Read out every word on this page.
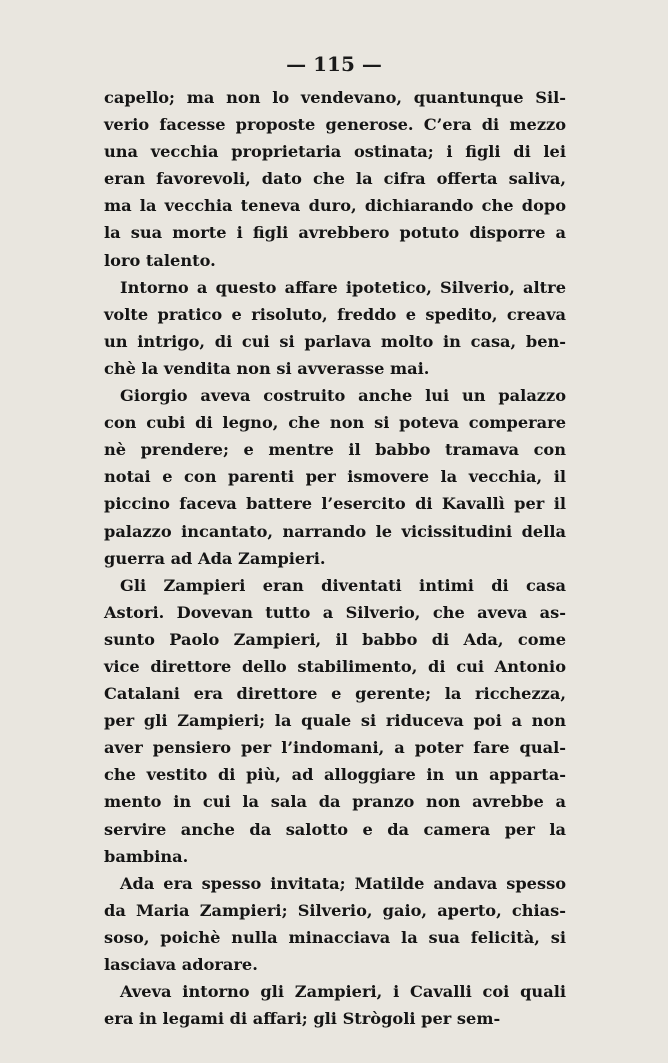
— 115 —
capello; ma non lo vendevano, quantunque Sil-
verio facesse proposte generose. C’era di mezzo
una vecchia proprietaria ostinata; i figli di lei
eran favorevoli, dato che la cifra offerta saliva,
ma la vecchia teneva duro, dichiarando che dopo
la sua morte i figli avrebbero potuto disporre a
loro talento.
Intorno a questo affare ipotetico, Silverio, altre
volte pratico e risoluto, freddo e spedito, creava
un intrigo, di cui si parlava molto in casa, ben-
chè la vendita non si avverasse mai.
Giorgio aveva costruito anche lui un palazzo
con cubi di legno, che non si poteva comperare
nè prendere; e mentre il babbo tramava con
notai e con parenti per ismovere la vecchia, il
piccino faceva battere l’esercito di Kavallì per il
palazzo incantato, narrando le vicissitudini della
guerra ad Ada Zampieri.
Gli Zampieri eran diventati intimi di casa
Astori. Dovevan tutto a Silverio, che aveva as-
sunto Paolo Zampieri, il babbo di Ada, come
vice direttore dello stabilimento, di cui Antonio
Catalani era direttore e gerente; la ricchezza,
per gli Zampieri; la quale si riduceva poi a non
aver pensiero per l’indomani, a poter fare qual-
che vestito di più, ad alloggiare in un apparta-
mento in cui la sala da pranzo non avrebbe a
servire anche da salotto e da camera per la
bambina.
Ada era spesso invitata; Matilde andava spesso
da Maria Zampieri; Silverio, gaio, aperto, chias-
soso, poichè nulla minacciava la sua felicità, si
lasciava adorare.
Aveva intorno gli Zampieri, i Cavalli coi quali
era in legami di affari; gli Strògoli per sem-
